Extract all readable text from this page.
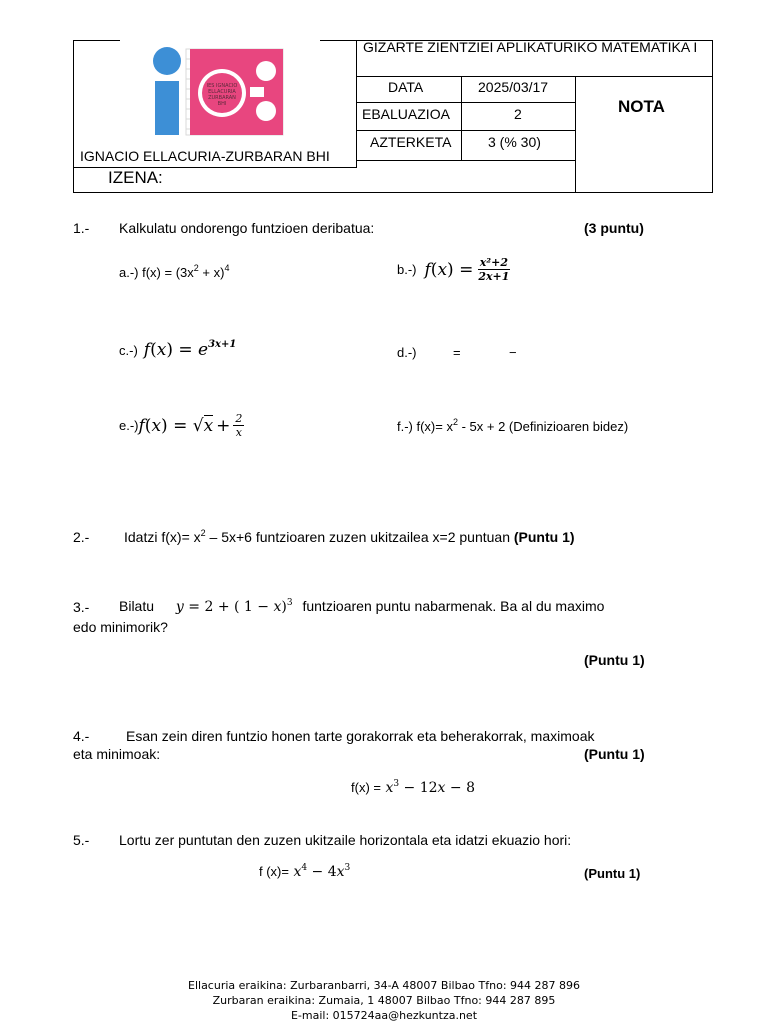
IES IGNACIO
ELLACURIA
ZURBARAN
BHI
GIZARTE ZIENTZIEI APLIKATURIKO MATEMATIKA I
DATA	2025/03/17
EBALUAZIOA	2
AZTERKETA	3 (% 30)
NOTA
IGNACIO ELLACURIA-ZURBARAN BHI
IZENA:
1.- Kalkulatu ondorengo funtzioen deribatua:	(3 puntu)
a.-) $f(x) = (3x^2 + x)^4$	b.-) f ( x ) = $\frac{\text{x²+2}}{2x+1}$
c.-) $f(x) = e^{3x+1}$
d.-)	=	−
e.-) f ( x ) = √ $x + \frac{2}{x}$	f.-) $f(x)= x^2 - 5x + 2$ (Definizioaren bidez)
2.- Idatzi $f(x)= x^2 - 5x+6$ funtzioaren zuzen ukitzailea x=2 puntuan (Puntu 1)
3.- Bilatu y = 2 + ( 1 − x)$^3$ funtzioaren puntu nabarmenak. Ba al du maximo
edo minimorik?
(Puntu 1)
4.-	Esan zein diren funtzio honen tarte gorakorrak eta beherakorrak, maximoak
eta minimoak:	(Puntu 1)
$f(x) = x^3 - 12x - 8$
5.- Lortu zer puntutan den zuzen ukitzaile horizontala eta idatzi ekuazio hori:
f $(x)= x^4 - 4x^3$	(Puntu 1)
Ellacuria eraikina: Zurbaranbarri, 34-A 48007 Bilbao Tfno: 944 287 896
Zurbaran eraikina: Zumaia, 1 48007 Bilbao Tfno: 944 287 895
E-mail: 015724aa@hezkuntza.net
